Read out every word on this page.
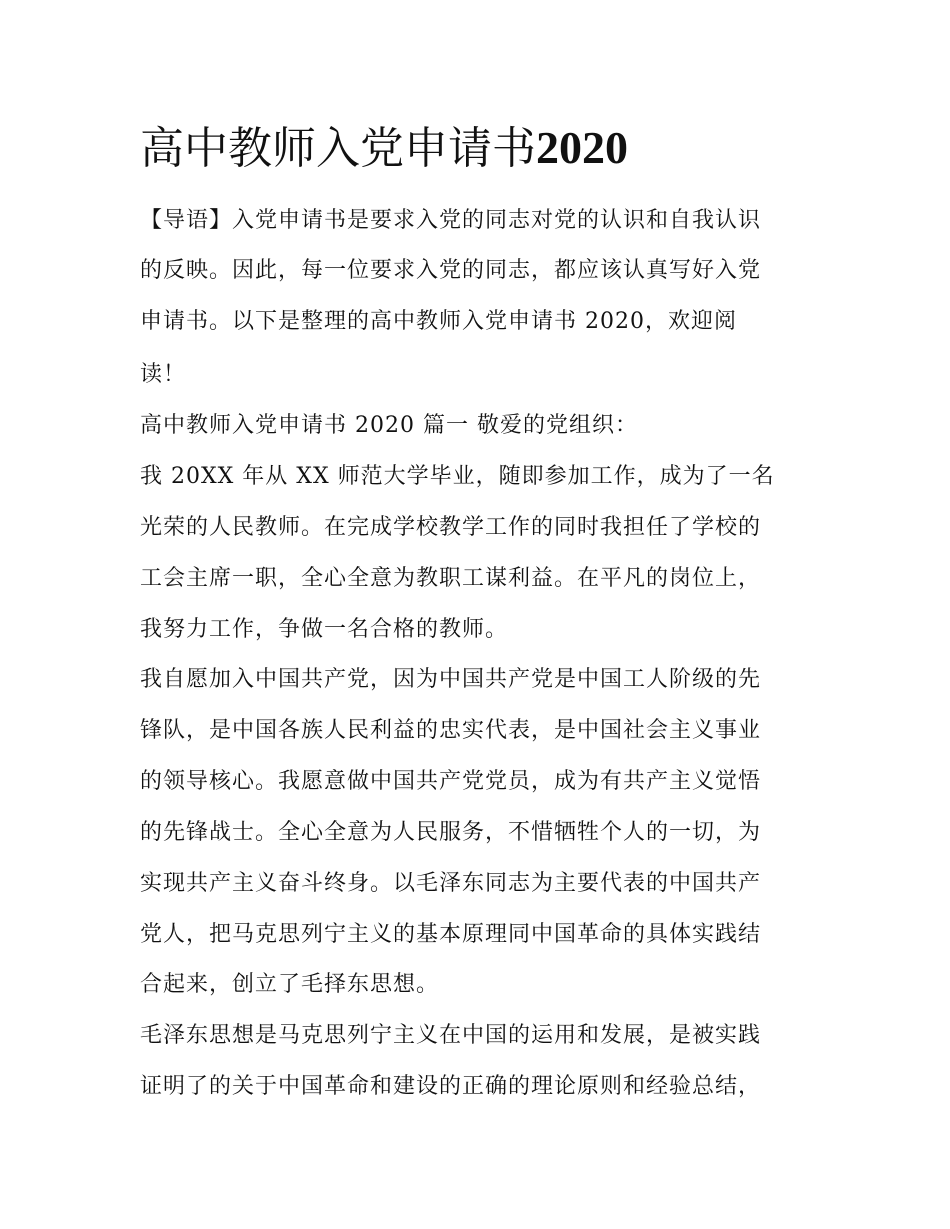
高中教师入党申请书2020

【导语】入党申请书是要求入党的同志对党的认识和自我认识

的反映。因此，每一位要求入党的同志，都应该认真写好入党

申请书。以下是整理的高中教师入党申请书 2020，欢迎阅

读！

高中教师入党申请书 2020 篇一 敬爱的党组织：

我 20XX 年从 XX 师范大学毕业，随即参加工作，成为了一名

光荣的人民教师。在完成学校教学工作的同时我担任了学校的

工会主席一职，全心全意为教职工谋利益。在平凡的岗位上，

我努力工作，争做一名合格的教师。

我自愿加入中国共产党，因为中国共产党是中国工人阶级的先

锋队，是中国各族人民利益的忠实代表，是中国社会主义事业

的领导核心。我愿意做中国共产党党员，成为有共产主义觉悟

的先锋战士。全心全意为人民服务，不惜牺牲个人的一切，为

实现共产主义奋斗终身。以毛泽东同志为主要代表的中国共产

党人，把马克思列宁主义的基本原理同中国革命的具体实践结

合起来，创立了毛择东思想。

毛泽东思想是马克思列宁主义在中国的运用和发展，是被实践

证明了的关于中国革命和建设的正确的理论原则和经验总结，
